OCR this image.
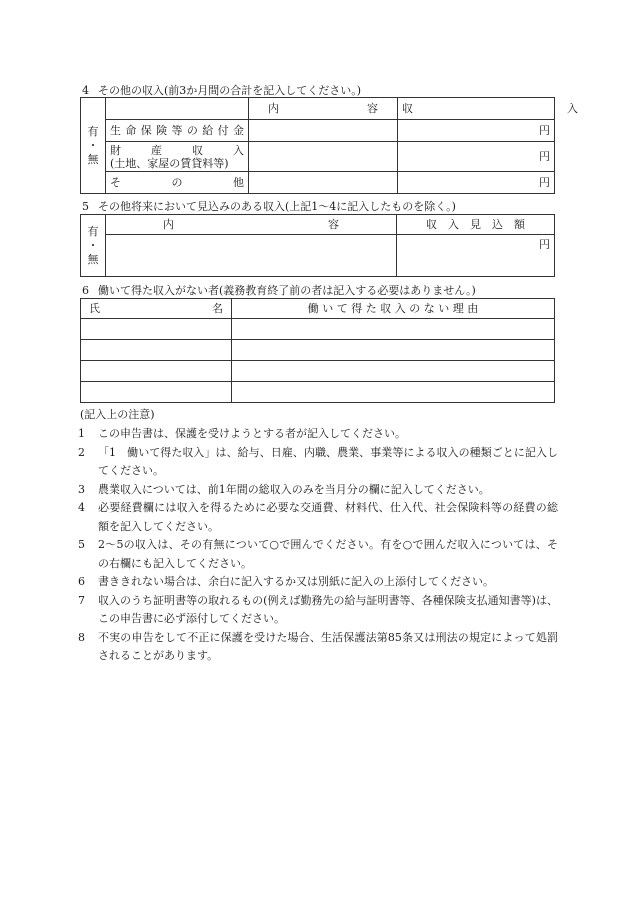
4 その他の収入(前3か月間の合計を記入してください。)
有
・
無		内　　　　　　　　容	収　　　　　　　　　　　　　　入
	生命保険等の給付金		円

	財　産　収　入
(土地、家屋の賃貸料等)		円
	そ　の　他		円
5 その他将来において見込みのある収入(上記1〜4に記入したものを除く。)
有
・
無	内　　　　　　　　　　　　　　容	収　入　見　込　額
		円
6 働いて得た収入がない者(義務教育終了前の者は記入する必要はありません。)
氏　　　　　　　　　　名	働 い て 得 た 収 入 の な い 理 由

(記入上の注意)
1	この申告書は、保護を受けようとする者が記入してください。
2	「1　働いて得た収入」は、給与、日雇、内職、農業、事業等による収入の種類ごとに記入してください。
3	農業収入については、前1年間の総収入のみを当月分の欄に記入してください。
4	必要経費欄には収入を得るために必要な交通費、材料代、仕入代、社会保険料等の経費の総額を記入してください。
5	2〜5の収入は、その有無について○で囲んでください。有を○で囲んだ収入については、その右欄にも記入してください。
6	書ききれない場合は、余白に記入するか又は別紙に記入の上添付してください。
7	収入のうち証明書等の取れるもの(例えば勤務先の給与証明書等、各種保険支払通知書等)は、この申告書に必ず添付してください。
8	不実の申告をして不正に保護を受けた場合、生活保護法第85条又は刑法の規定によって処罰されることがあります。
